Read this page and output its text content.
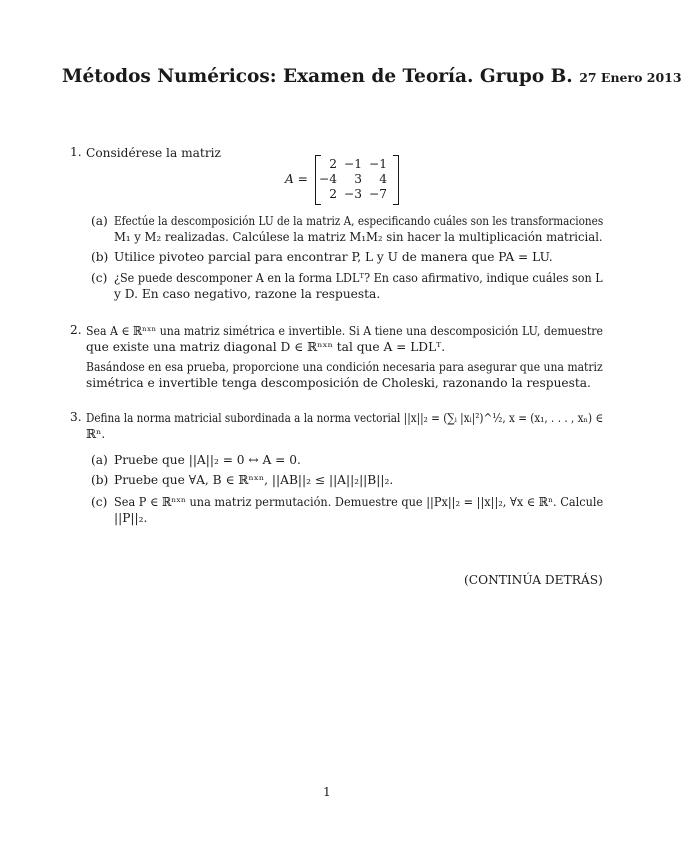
Métodos Numéricos: Examen de Teoría. Grupo B. 27 Enero 2013
1. Considérese la matriz
A =
2 −1 −1
−4	3	4
2 −3 −7
(a) Efectúe la descomposición LU de la matriz A, especificando cuáles son les transformaciones
M₁ y M₂ realizadas. Calcúlese la matriz M₁M₂ sin hacer la multiplicación matricial.
(b) Utilice pivoteo parcial para encontrar P, L y U de manera que PA = LU.
(c) ¿Se puede descomponer A en la forma LDLᵀ? En caso afirmativo, indique cuáles son L
y D. En caso negativo, razone la respuesta.
2. Sea A ∈ ℝⁿˣⁿ una matriz simétrica e invertible. Si A tiene una descomposición LU, demuestre
que existe una matriz diagonal D ∈ ℝⁿˣⁿ tal que A = LDLᵀ.
Basándose en esa prueba, proporcione una condición necesaria para asegurar que una matriz
simétrica e invertible tenga descomposición de Choleski, razonando la respuesta.
3. Defina la norma matricial subordinada a la norma vectorial ||x||₂ = (∑ᵢ |xᵢ|²)^½, x = (x₁, . . . , xₙ) ∈
ℝⁿ.
(a) Pruebe que ||A||₂ = 0 ↔ A = 0.
(b) Pruebe que ∀A, B ∈ ℝⁿˣⁿ, ||AB||₂ ≤ ||A||₂||B||₂.
(c) Sea P ∈ ℝⁿˣⁿ una matriz permutación. Demuestre que ||Px||₂ = ||x||₂, ∀x ∈ ℝⁿ. Calcule
||P||₂.
(CONTINÚA DETRÁS)
1
